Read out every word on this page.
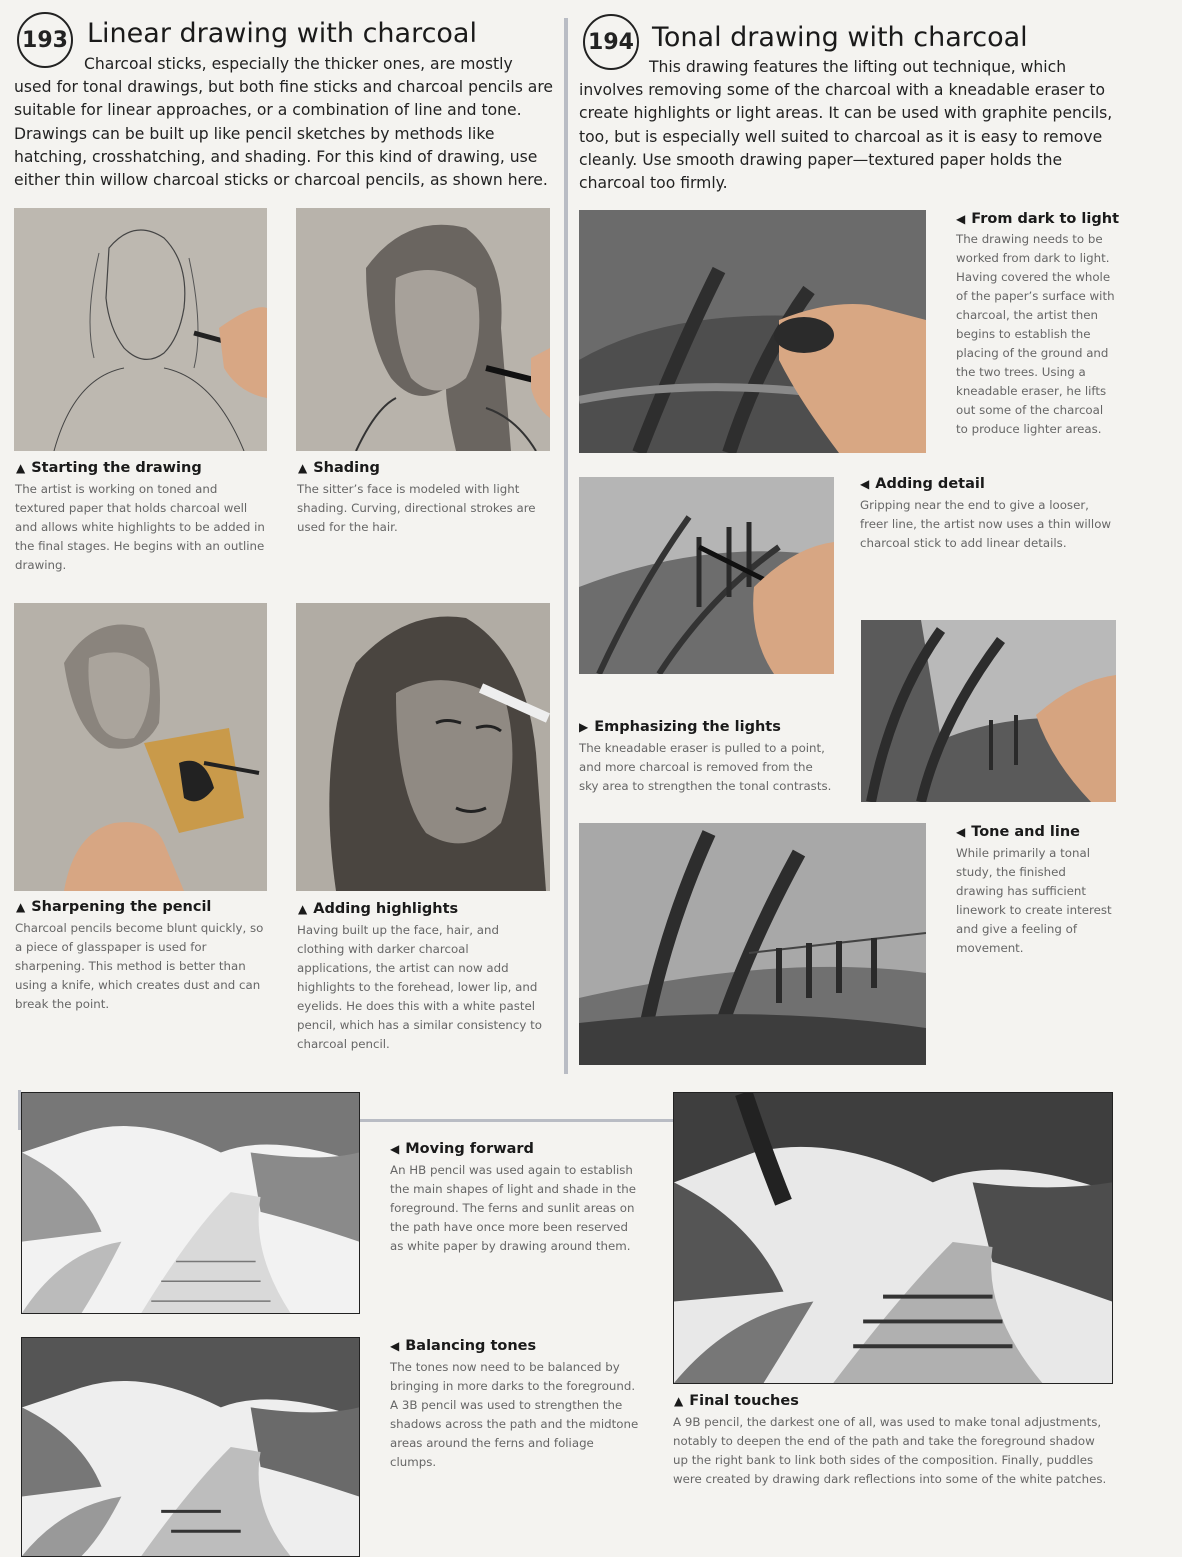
193 Linear drawing with charcoal
Charcoal sticks, especially the thicker ones, are mostly used for tonal drawings, but both fine sticks and charcoal pencils are suitable for linear approaches, or a combination of line and tone. Drawings can be built up like pencil sketches by methods like hatching, crosshatching, and shading. For this kind of drawing, use either thin willow charcoal sticks or charcoal pencils, as shown here.
▲ Starting the drawing
The artist is working on toned and textured paper that holds charcoal well and allows white highlights to be added in the final stages. He begins with an outline drawing.
▲ Shading
The sitter’s face is modeled with light shading. Curving, directional strokes are used for the hair.
▲ Sharpening the pencil
Charcoal pencils become blunt quickly, so a piece of glasspaper is used for sharpening. This method is better than using a knife, which creates dust and can break the point.
▲ Adding highlights
Having built up the face, hair, and clothing with darker charcoal applications, the artist can now add highlights to the forehead, lower lip, and eyelids. He does this with a white pastel pencil, which has a similar consistency to charcoal pencil.
194 Tonal drawing with charcoal
This drawing features the lifting out technique, which involves removing some of the charcoal with a kneadable eraser to create highlights or light areas. It can be used with graphite pencils, too, but is especially well suited to charcoal as it is easy to remove cleanly. Use smooth drawing paper—textured paper holds the charcoal too firmly.
◀ From dark to light
The drawing needs to be worked from dark to light. Having covered the whole of the paper’s surface with charcoal, the artist then begins to establish the placing of the ground and the two trees. Using a kneadable eraser, he lifts out some of the charcoal to produce lighter areas.
◀ Adding detail
Gripping near the end to give a looser, freer line, the artist now uses a thin willow charcoal stick to add linear details.
▶ Emphasizing the lights
The kneadable eraser is pulled to a point, and more charcoal is removed from the sky area to strengthen the tonal contrasts.
◀ Tone and line
While primarily a tonal study, the finished drawing has sufficient linework to create interest and give a feeling of movement.
◀ Moving forward
An HB pencil was used again to establish the main shapes of light and shade in the foreground. The ferns and sunlit areas on the path have once more been reserved as white paper by drawing around them.
◀ Balancing tones
The tones now need to be balanced by bringing in more darks to the foreground. A 3B pencil was used to strengthen the shadows across the path and the midtone areas around the ferns and foliage clumps.
▲ Final touches
A 9B pencil, the darkest one of all, was used to make tonal adjustments, notably to deepen the end of the path and take the foreground shadow up the right bank to link both sides of the composition. Finally, puddles were created by drawing dark reflections into some of the white patches.
